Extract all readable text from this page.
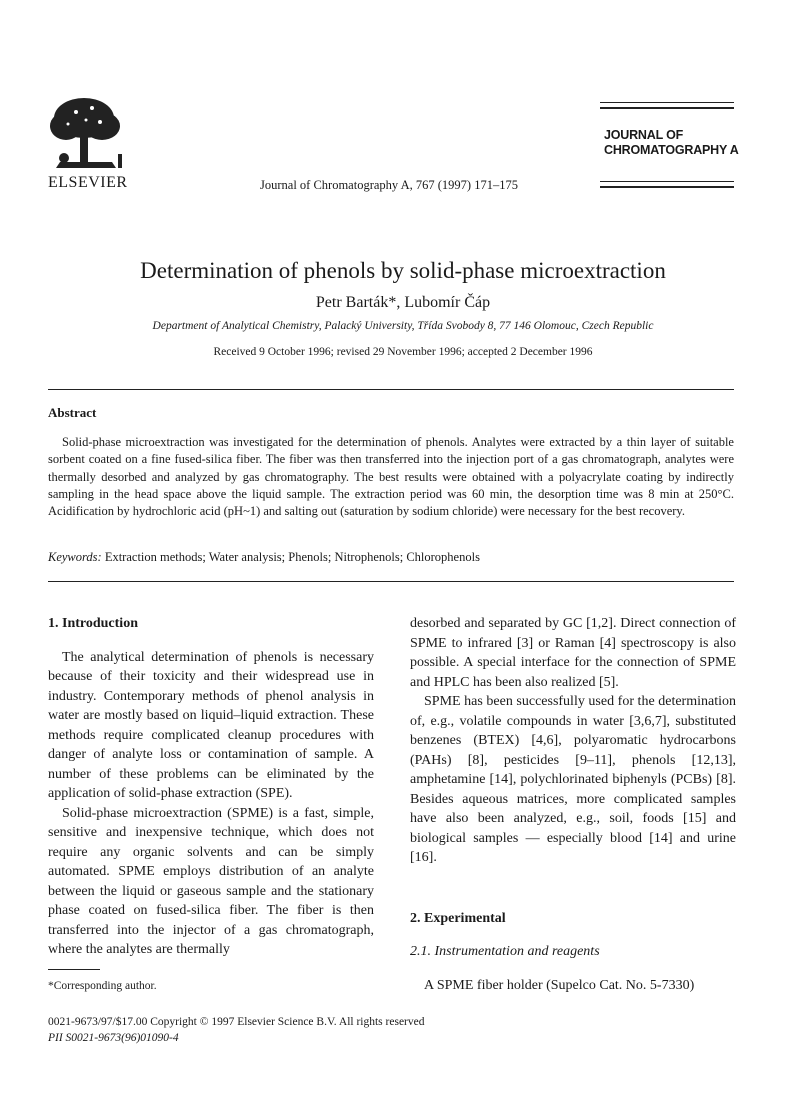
ELSEVIER	Journal of Chromatography A, 767 (1997) 171–175
JOURNAL OF
CHROMATOGRAPHY A
Determination of phenols by solid-phase microextraction
Petr Barták*, Lubomír Čáp
Department of Analytical Chemistry, Palacký University, Třída Svobody 8, 77 146 Olomouc, Czech Republic
Received 9 October 1996; revised 29 November 1996; accepted 2 December 1996
Abstract

Solid-phase microextraction was investigated for the determination of phenols. Analytes were extracted by a thin layer of suitable sorbent coated on a fine fused-silica fiber. The fiber was then transferred into the injection port of a gas chromatograph, analytes were thermally desorbed and analyzed by gas chromatography. The best results were obtained with a polyacrylate coating by indirectly sampling in the head space above the liquid sample. The extraction period was 60 min, the desorption time was 8 min at 250°C. Acidification by hydrochloric acid (pH~1) and salting out (saturation by sodium chloride) were necessary for the best recovery.

Keywords: Extraction methods; Water analysis; Phenols; Nitrophenols; Chlorophenols
1. Introduction

The analytical determination of phenols is necessary because of their toxicity and their widespread use in industry. Contemporary methods of phenol analysis in water are mostly based on liquid–liquid extraction. These methods require complicated cleanup procedures with danger of analyte loss or contamination of sample. A number of these problems can be eliminated by the application of solid-phase extraction (SPE).

Solid-phase microextraction (SPME) is a fast, simple, sensitive and inexpensive technique, which does not require any organic solvents and can be simply automated. SPME employs distribution of an analyte between the liquid or gaseous sample and the stationary phase coated on fused-silica fiber. The fiber is then transferred into the injector of a gas chromatograph, where the analytes are thermally

desorbed and separated by GC [1,2]. Direct connection of SPME to infrared [3] or Raman [4] spectroscopy is also possible. A special interface for the connection of SPME and HPLC has been also realized [5].

SPME has been successfully used for the determination of, e.g., volatile compounds in water [3,6,7], substituted benzenes (BTEX) [4,6], polyaromatic hydrocarbons (PAHs) [8], pesticides [9–11], phenols [12,13], amphetamine [14], polychlorinated biphenyls (PCBs) [8]. Besides aqueous matrices, more complicated samples have also been analyzed, e.g., soil, foods [15] and biological samples — especially blood [14] and urine [16].

2. Experimental
2.1. Instrumentation and reagents

A SPME fiber holder (Supelco Cat. No. 5-7330)

*Corresponding author.
0021-9673/97/$17.00 Copyright © 1997 Elsevier Science B.V. All rights reserved
PII S0021-9673(96)01090-4
